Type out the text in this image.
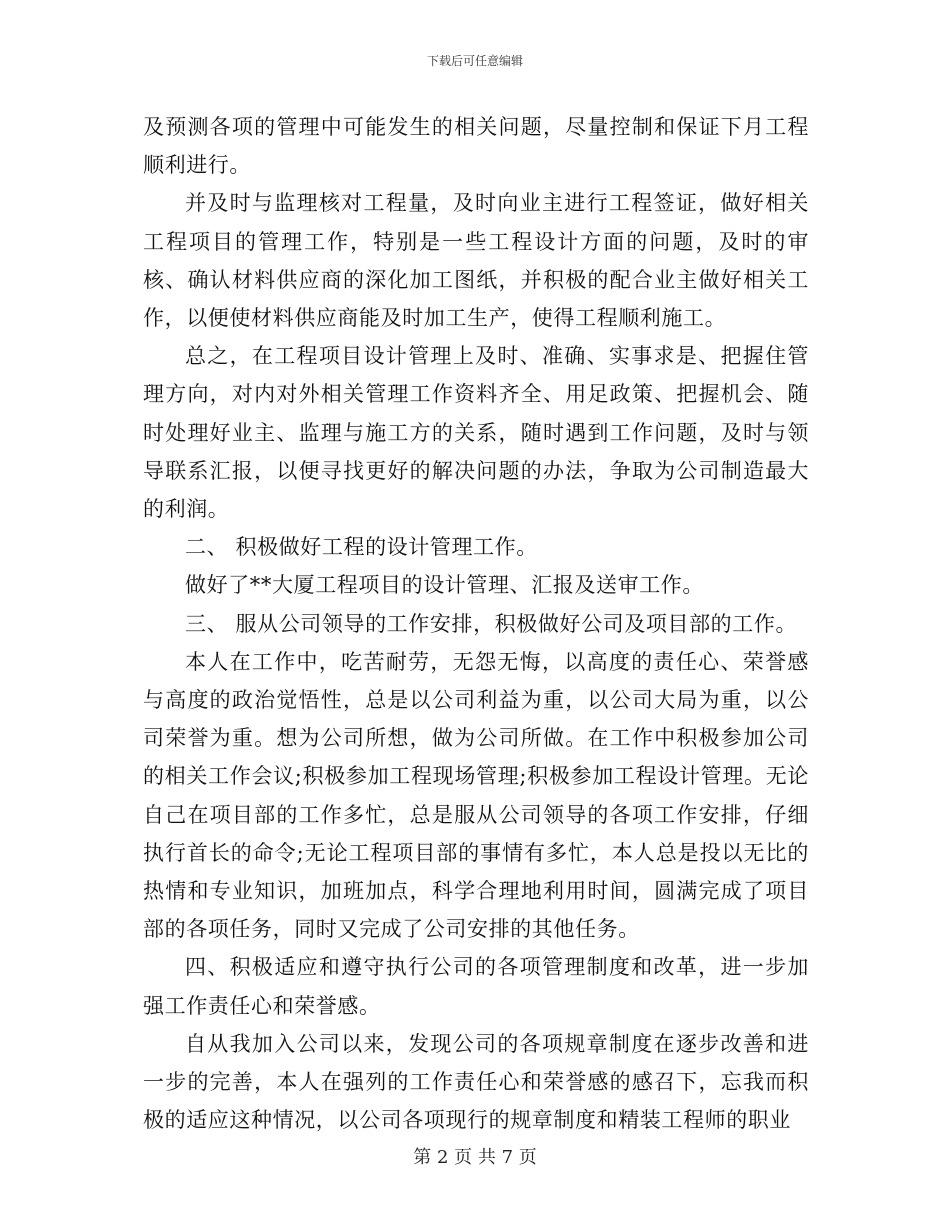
下载后可任意编辑

及预测各项的管理中可能发生的相关问题，尽量控制和保证下月工程顺利进行。

并及时与监理核对工程量，及时向业主进行工程签证，做好相关工程项目的管理工作，特别是一些工程设计方面的问题，及时的审核、确认材料供应商的深化加工图纸，并积极的配合业主做好相关工作，以便使材料供应商能及时加工生产，使得工程顺利施工。

总之，在工程项目设计管理上及时、准确、实事求是、把握住管理方向，对内对外相关管理工作资料齐全、用足政策、把握机会、随时处理好业主、监理与施工方的关系，随时遇到工作问题，及时与领导联系汇报，以便寻找更好的解决问题的办法，争取为公司制造最大的利润。

二、 积极做好工程的设计管理工作。

做好了**大厦工程项目的设计管理、汇报及送审工作。

三、 服从公司领导的工作安排，积极做好公司及项目部的工作。

本人在工作中，吃苦耐劳，无怨无悔，以高度的责任心、荣誉感与高度的政治觉悟性，总是以公司利益为重，以公司大局为重，以公司荣誉为重。想为公司所想，做为公司所做。在工作中积极参加公司的相关工作会议;积极参加工程现场管理;积极参加工程设计管理。无论自己在项目部的工作多忙，总是服从公司领导的各项工作安排，仔细执行首长的命令;无论工程项目部的事情有多忙，本人总是投以无比的热情和专业知识，加班加点，科学合理地利用时间，圆满完成了项目部的各项任务，同时又完成了公司安排的其他任务。

四、积极适应和遵守执行公司的各项管理制度和改革，进一步加强工作责任心和荣誉感。

自从我加入公司以来，发现公司的各项规章制度在逐步改善和进一步的完善，本人在强列的工作责任心和荣誉感的感召下，忘我而积极的适应这种情况，以公司各项现行的规章制度和精装工程师的职业

第 2 页 共 7 页
